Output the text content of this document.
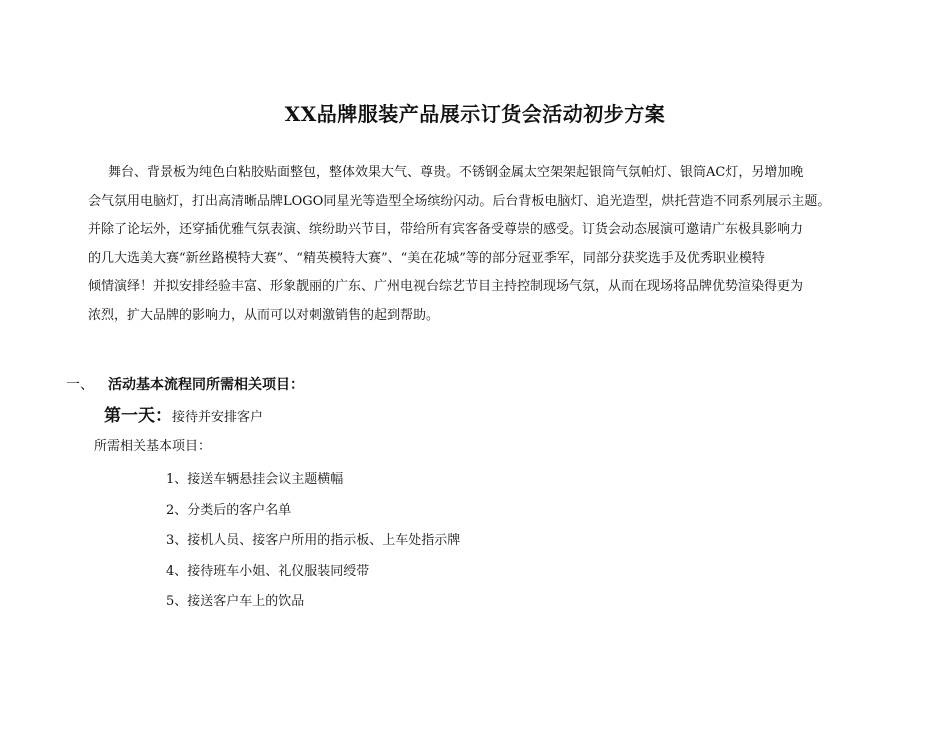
XX品牌服装产品展示订货会活动初步方案
舞台、背景板为纯色白粘胶贴面整包，整体效果大气、尊贵。不锈钢金属太空架架起银筒气氛帕灯、银筒AC灯，另增加晚
会气氛用电脑灯，打出高清晰品牌LOGO同星光等造型全场缤纷闪动。后台背板电脑灯、追光造型，烘托营造不同系列展示主题。
并除了论坛外，还穿插优雅气氛表演、缤纷助兴节目，带给所有宾客备受尊崇的感受。订货会动态展演可邀请广东极具影响力
的几大选美大赛“新丝路模特大赛”、“精英模特大赛”、“美在花城”等的部分冠亚季军，同部分获奖选手及优秀职业模特
倾情演绎！并拟安排经验丰富、形象靓丽的广东、广州电视台综艺节目主持控制现场气氛，从而在现场将品牌优势渲染得更为
浓烈，扩大品牌的影响力，从而可以对刺激销售的起到帮助。
一、 活动基本流程同所需相关项目：
第一天：接待并安排客户
所需相关基本项目：
1、接送车辆悬挂会议主题横幅
2、分类后的客户名单
3、接机人员、接客户所用的指示板、上车处指示牌
4、接待班车小姐、礼仪服装同绶带
5、接送客户车上的饮品
